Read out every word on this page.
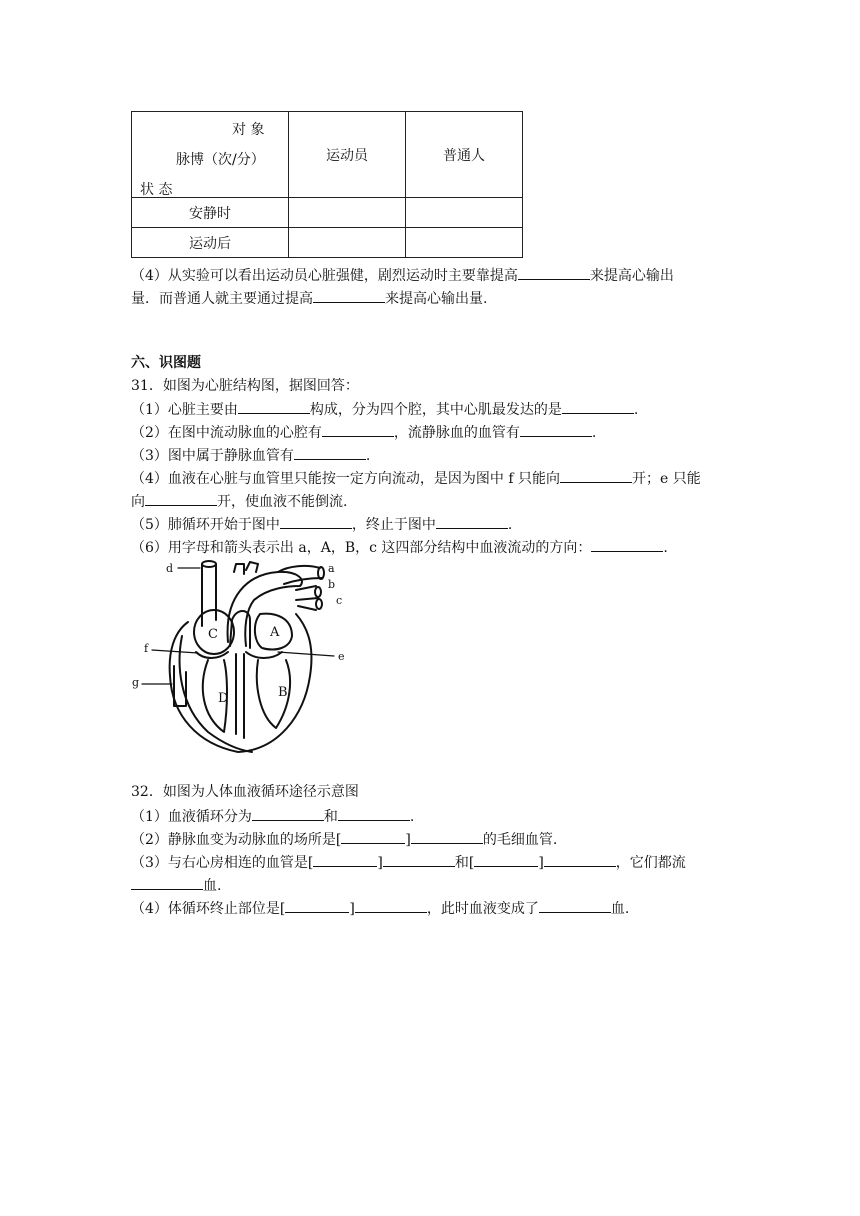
对 象
脉博（次/分）
状 态	运动员	普通人
安静时		
运动后		
（4）从实验可以看出运动员心脏强健，剧烈运动时主要靠提高	来提高心输出
量．而普通人就主要通过提高	来提高心输出量.
六、识图题
31．如图为心脏结构图，据图回答：
（1）心脏主要由	构成，分为四个腔，其中心肌最发达的是	.
（2）在图中流动脉血的心腔有	，流静脉血的血管有	.
（3）图中属于静脉血管有	.
（4）血液在心脏与血管里只能按一定方向流动，是因为图中 f 只能向	开；e 只能
向	开，使血液不能倒流.
（5）肺循环开始于图中	，终止于图中	.
（6）用字母和箭头表示出 a，A，B，c 这四部分结构中血液流动的方向：	.
d	a
b
c
f
e
g
C	A
D	B
32．如图为人体血液循环途径示意图
（1）血液循环分为	和	.
（2）静脉血变为动脉血的场所是[	]	的毛细血管.
（3）与右心房相连的血管是[	]	和[	]	，它们都流
血.
（4）体循环终止部位是[	]	，此时血液变成了	血.
